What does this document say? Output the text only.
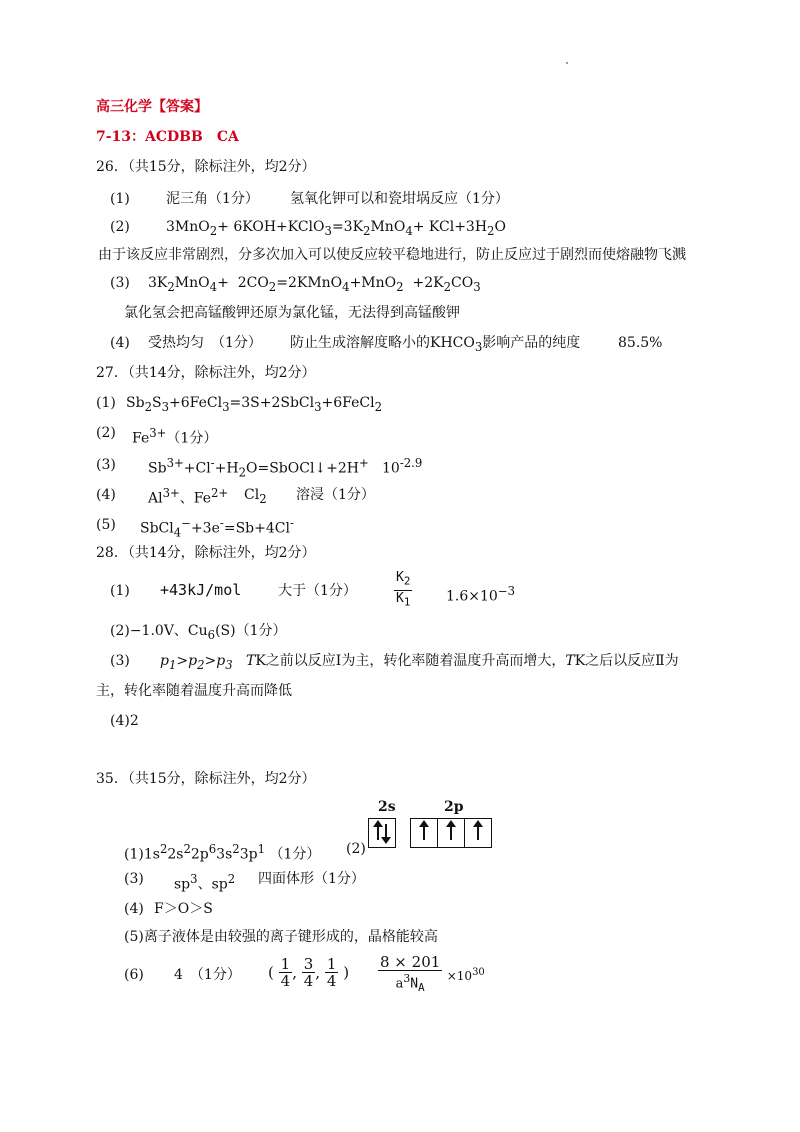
高三化学【答案】
7-13：ACDBB　CA
26．（共15分，除标注外，均2分）
(1)	泥三角（1分） 氢氧化钾可以和瓷坩埚反应（1分）
(2)	$3MnO_2+ 6KOH+KClO_3=3K_2MnO_4+ KCl+3H_2O$
由于该反应非常剧烈，分多次加入可以使反应较平稳地进行，防止反应过于剧烈而使熔融物飞溅
(3) $3K_2MnO_4+$  $2CO_2=2KMnO_4+MnO_2 +2K_2CO_3$
氯化氢会把高锰酸钾还原为氯化锰，无法得到高锰酸钾
(4) 受热均匀　（1分） 防止生成溶解度略小的$KHCO_3$影响产品的纯度	85.5%
27．（共14分，除标注外，均2分）
(1) $Sb_2S_3+6FeCl_3=3S+2SbCl_3+6FeCl_2$
(2) $Fe^{3+}(1$分）
(3) $Sb^{3+}+Cl^-+H_2O=SbOCl↓+2H^+$ $10^{-2.9}$
(4) $Al^{3+}$、$Fe^{2+}$ $Cl_2$ 溶浸（1分）
(5) SbCl$_4$−+3e-=Sb+4Cl-
28．（共14分，除标注外，均2分）
(1) +43kJ/mol	大于（1分）	$\frac{K_2}{K_1} 1.6\times 10^{-3}$
(2)−1.0V、$Cu_6(S)(1$分）
(3) $p_1>p_2>p_3$ TK之前以反应Ⅰ为主，转化率随着温度升高而增大，TK之后以反应Ⅱ为
主，转化率随着温度升高而降低
(4)2
35．（共15分，除标注外，均2分）
2s	2p
$(1)1s^22s^22p^63s^23p^1$ （1分） (2)
(3) $sp^3$、$sp^2$ 四面体形（1分）
(4) F＞O＞S
(5)离子液体是由较强的离子键形成的，晶格能较高
(6) 4　（1分） ( $\frac{1}{4}$ , $\frac{3}{4}$ , $\frac{1}{4}$ ) $\frac{8 \times 201}{a^3N_A} \times 10^{30}$
